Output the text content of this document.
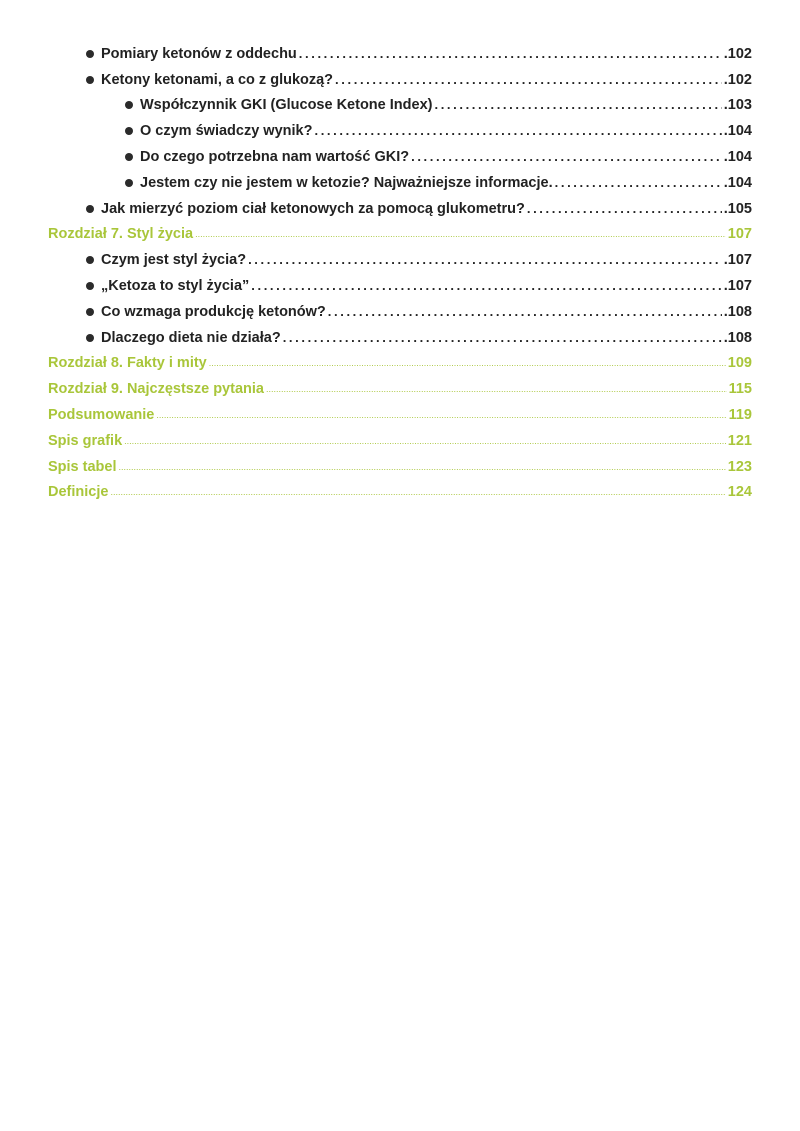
Pomiary ketonów z oddechu . . .	.102
Ketony ketonami, a co z glukozą? . . .	.102
Współczynnik GKI (Glucose Ketone Index) . . .	.103
O czym świadczy wynik? . . .	.104
Do czego potrzebna nam wartość GKI? . . .	.104
Jestem czy nie jestem w ketozie? Najważniejsze informacje. . . .	.104
Jak mierzyć poziom ciał ketonowych za pomocą glukometru? . . .	.105
Rozdział 7. Styl życia .....	107
Czym jest styl życia? . . .	.107
„Ketoza to styl życia” . . .	.107
Co wzmaga produkcję ketonów? . . .	.108
Dlaczego dieta nie działa? . . .	.108
Rozdział 8. Fakty i mity .....	109
Rozdział 9. Najczęstsze pytania .....	115
Podsumowanie .....	119
Spis grafik .....	121
Spis tabel .....	123
Definicje .....	124
